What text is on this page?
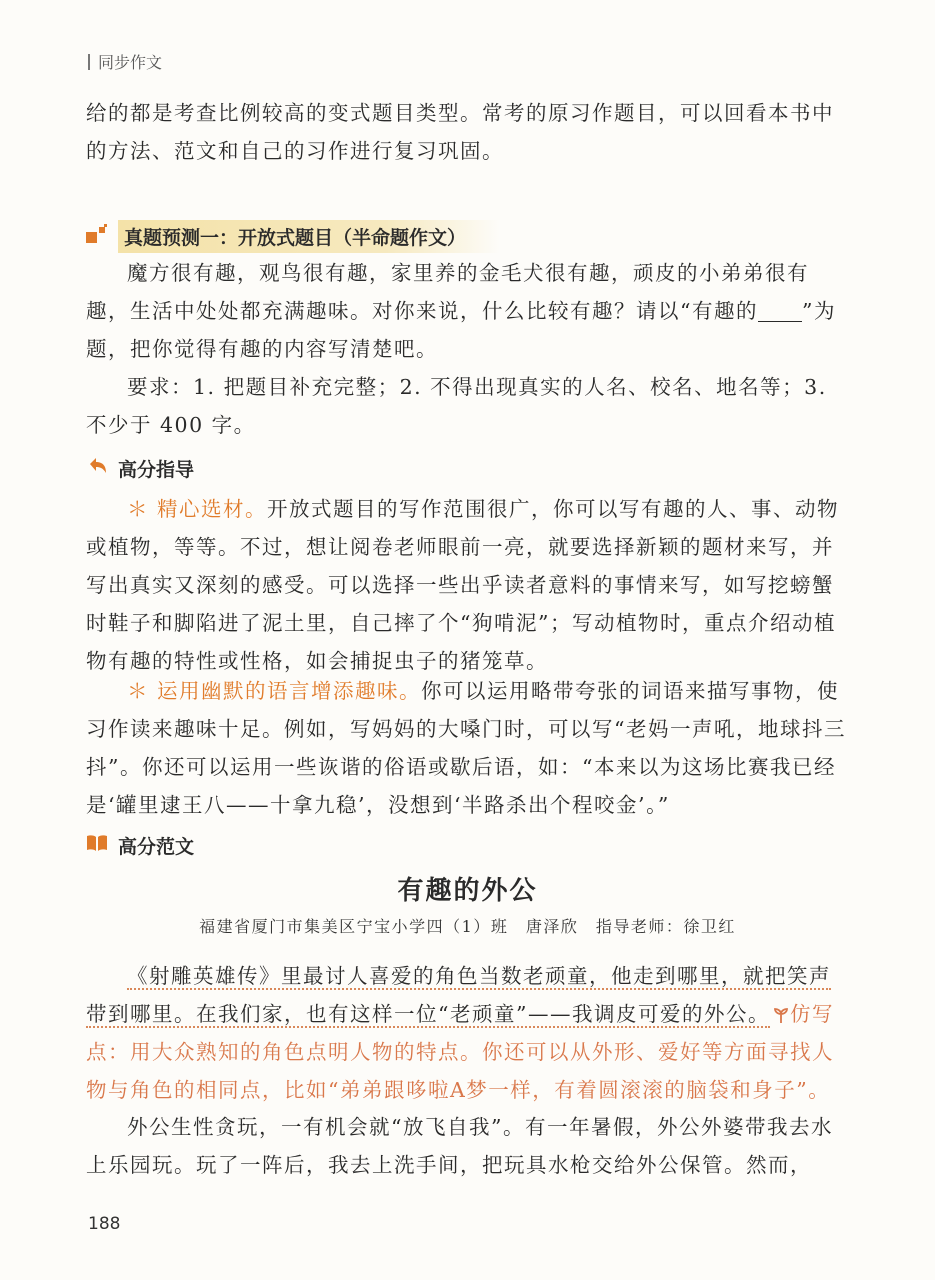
同步作文

给的都是考查比例较高的变式题目类型。常考的原习作题目，可以回看本书中的方法、范文和自己的习作进行复习巩固。

真题预测一：开放式题目（半命题作文）

魔方很有趣，观鸟很有趣，家里养的金毛犬很有趣，顽皮的小弟弟很有趣，生活中处处都充满趣味。对你来说，什么比较有趣？请以“有趣的 ”为题，把你觉得有趣的内容写清楚吧。

要求：1. 把题目补充完整；2. 不得出现真实的人名、校名、地名等；3. 不少于 400 字。

高分指导

＊ 精心选材。开放式题目的写作范围很广，你可以写有趣的人、事、动物或植物，等等。不过，想让阅卷老师眼前一亮，就要选择新颖的题材来写，并写出真实又深刻的感受。可以选择一些出乎读者意料的事情来写，如写挖螃蟹时鞋子和脚陷进了泥土里，自己摔了个“狗啃泥”；写动植物时，重点介绍动植物有趣的特性或性格，如会捕捉虫子的猪笼草。

＊ 运用幽默的语言增添趣味。你可以运用略带夸张的词语来描写事物，使习作读来趣味十足。例如，写妈妈的大嗓门时，可以写“老妈一声吼，地球抖三抖”。你还可以运用一些诙谐的俗语或歇后语，如：“本来以为这场比赛我已经是‘罐里逮王八——十拿九稳’，没想到‘半路杀出个程咬金’。”

高分范文
有趣的外公
福建省厦门市集美区宁宝小学四（1）班　唐泽欣　指导老师：徐卫红

《射雕英雄传》里最讨人喜爱的角色当数老顽童，他走到哪里，就把笑声带到哪里。在我们家，也有这样一位“老顽童”——我调皮可爱的外公。 仿写点：用大众熟知的角色点明人物的特点。你还可以从外形、爱好等方面寻找人物与角色的相同点，比如“弟弟跟哆啦A梦一样，有着圆滚滚的脑袋和身子”。

外公生性贪玩，一有机会就“放飞自我”。有一年暑假，外公外婆带我去水上乐园玩。玩了一阵后，我去上洗手间，把玩具水枪交给外公保管。然而，

188
